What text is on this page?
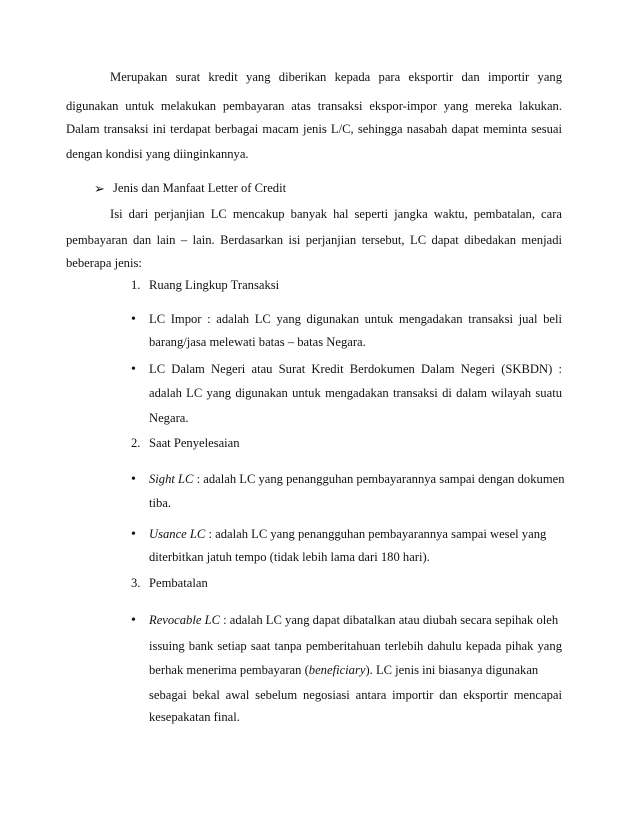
Merupakan surat kredit yang diberikan kepada para eksportir dan importir yang
digunakan untuk melakukan pembayaran atas transaksi ekspor-impor yang mereka lakukan.
Dalam transaksi ini terdapat berbagai macam jenis L/C, sehingga nasabah dapat meminta sesuai
dengan kondisi yang diinginkannya.
➢ Jenis dan Manfaat Letter of Credit
Isi dari perjanjian LC mencakup banyak hal seperti jangka waktu, pembatalan, cara
pembayaran dan lain – lain. Berdasarkan isi perjanjian tersebut, LC dapat dibedakan menjadi
beberapa jenis:
1. Ruang Lingkup Transaksi
• LC Impor : adalah LC yang digunakan untuk mengadakan transaksi jual beli
barang/jasa melewati batas – batas Negara.
• LC Dalam Negeri atau Surat Kredit Berdokumen Dalam Negeri (SKBDN) :
adalah LC yang digunakan untuk mengadakan transaksi di dalam wilayah suatu
Negara.
2. Saat Penyelesaian
• Sight LC : adalah LC yang penangguhan pembayarannya sampai dengan dokumen
tiba.
• Usance LC : adalah LC yang penangguhan pembayarannya sampai wesel yang
diterbitkan jatuh tempo (tidak lebih lama dari 180 hari).
3. Pembatalan
• Revocable LC : adalah LC yang dapat dibatalkan atau diubah secara sepihak oleh
issuing bank setiap saat tanpa pemberitahuan terlebih dahulu kepada pihak yang
berhak menerima pembayaran (beneficiary). LC jenis ini biasanya digunakan
sebagai bekal awal sebelum negosiasi antara importir dan eksportir mencapai
kesepakatan final.
